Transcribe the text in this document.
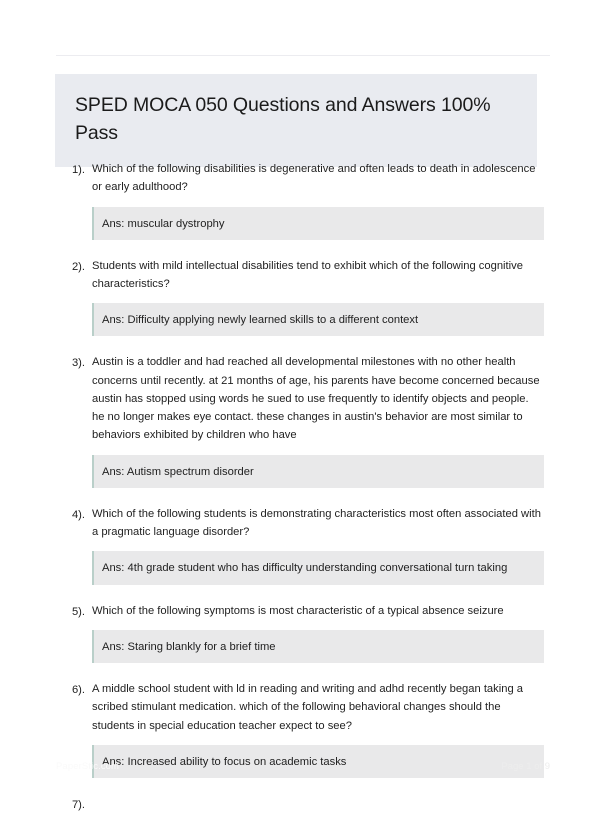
SPED MOCA 050 Questions and Answers 100% Pass
1). Which of the following disabilities is degenerative and often leads to death in adolescence or early adulthood?

Ans: muscular dystrophy
2). Students with mild intellectual disabilities tend to exhibit which of the following cognitive characteristics?

Ans: Difficulty applying newly learned skills to a different context
3). Austin is a toddler and had reached all developmental milestones with no other health concerns until recently. at 21 months of age, his parents have become concerned because austin has stopped using words he sued to use frequently to identify objects and people. he no longer makes eye contact. these changes in austin's behavior are most similar to behaviors exhibited by children who have

Ans: Autism spectrum disorder
4). Which of the following students is demonstrating characteristics most often associated with a pragmatic language disorder?

Ans: 4th grade student who has difficulty understanding conversational turn taking
5). Which of the following symptoms is most characteristic of a typical absence seizure

Ans: Staring blankly for a brief time
6). A middle school student with ld in reading and writing and adhd recently began taking a scribed stimulant medication. which of the following behavioral changes should the students in special education teacher expect to see?

Ans: Increased ability to focus on academic tasks
7).

PaperStic.com	Page 1 of 9
